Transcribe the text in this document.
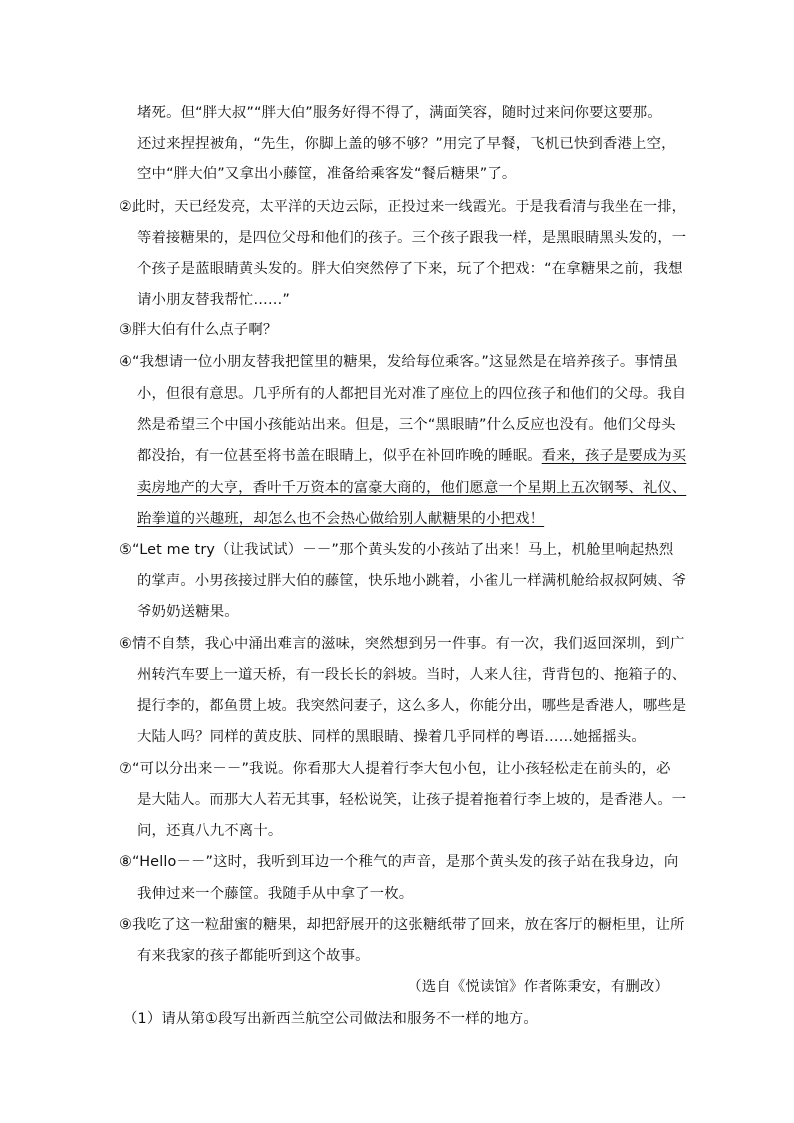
堵死。但“胖大叔”“胖大伯”服务好得不得了，满面笑容，随时过来问你要这要那。
还过来捏捏被角，“先生，你脚上盖的够不够？”用完了早餐，飞机已快到香港上空，
空中“胖大伯”又拿出小藤筐，准备给乘客发“餐后糖果”了。
②此时，天已经发亮，太平洋的天边云际，正投过来一线霞光。于是我看清与我坐在一排，
等着接糖果的，是四位父母和他们的孩子。三个孩子跟我一样，是黑眼睛黑头发的，一
个孩子是蓝眼睛黄头发的。胖大伯突然停了下来，玩了个把戏：“在拿糖果之前，我想
请小朋友替我帮忙……”
③胖大伯有什么点子啊？
④“我想请一位小朋友替我把筐里的糖果，发给每位乘客。”这显然是在培养孩子。事情虽
小，但很有意思。几乎所有的人都把目光对准了座位上的四位孩子和他们的父母。我自
然是希望三个中国小孩能站出来。但是，三个“黑眼睛”什么反应也没有。他们父母头
都没抬，有一位甚至将书盖在眼睛上，似乎在补回昨晚的睡眠。看来，孩子是要成为买
卖房地产的大亨，香叶千万资本的富豪大商的，他们愿意一个星期上五次钢琴、礼仪、
跆拳道的兴趣班，却怎么也不会热心做给别人献糖果的小把戏！
⑤“Let me try（让我试试）－－”那个黄头发的小孩站了出来！马上，机舱里响起热烈
的掌声。小男孩接过胖大伯的藤筐，快乐地小跳着，小雀儿一样满机舱给叔叔阿姨、爷
爷奶奶送糖果。
⑥情不自禁，我心中涌出难言的滋味，突然想到另一件事。有一次，我们返回深圳，到广
州转汽车要上一道天桥，有一段长长的斜坡。当时，人来人往，背背包的、拖箱子的、
提行李的，都鱼贯上坡。我突然问妻子，这么多人，你能分出，哪些是香港人，哪些是
大陆人吗？同样的黄皮肤、同样的黑眼睛、操着几乎同样的粤语……她摇摇头。
⑦“可以分出来－－”我说。你看那大人提着行李大包小包，让小孩轻松走在前头的，必
是大陆人。而那大人若无其事，轻松说笑，让孩子提着拖着行李上坡的，是香港人。一
问，还真八九不离十。
⑧“Hello－－”这时，我听到耳边一个稚气的声音，是那个黄头发的孩子站在我身边，向
我伸过来一个藤筐。我随手从中拿了一枚。
⑨我吃了这一粒甜蜜的糖果，却把舒展开的这张糖纸带了回来，放在客厅的橱柜里，让所
有来我家的孩子都能听到这个故事。
（选自《悦读馆》作者陈秉安，有删改）
（1）请从第①段写出新西兰航空公司做法和服务不一样的地方。
